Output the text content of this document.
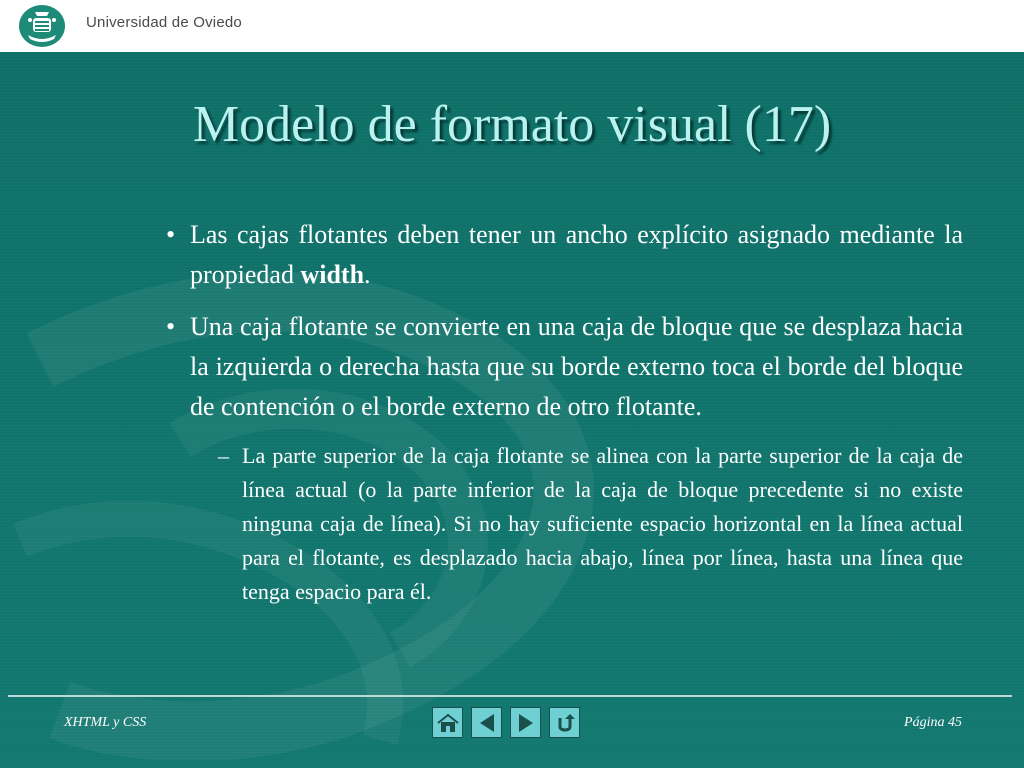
Universidad de Oviedo
Modelo de formato visual (17)
• Las cajas flotantes deben tener un ancho explícito asignado mediante la propiedad width.
• Una caja flotante se convierte en una caja de bloque que se desplaza hacia la izquierda o derecha hasta que su borde externo toca el borde del bloque de contención o el borde externo de otro flotante.
– La parte superior de la caja flotante se alinea con la parte superior de la caja de línea actual (o la parte inferior de la caja de bloque precedente si no existe ninguna caja de línea). Si no hay suficiente espacio horizontal en la línea actual para el flotante, es desplazado hacia abajo, línea por línea, hasta una línea que tenga espacio para él.
XHTML y CSS	Página 45
